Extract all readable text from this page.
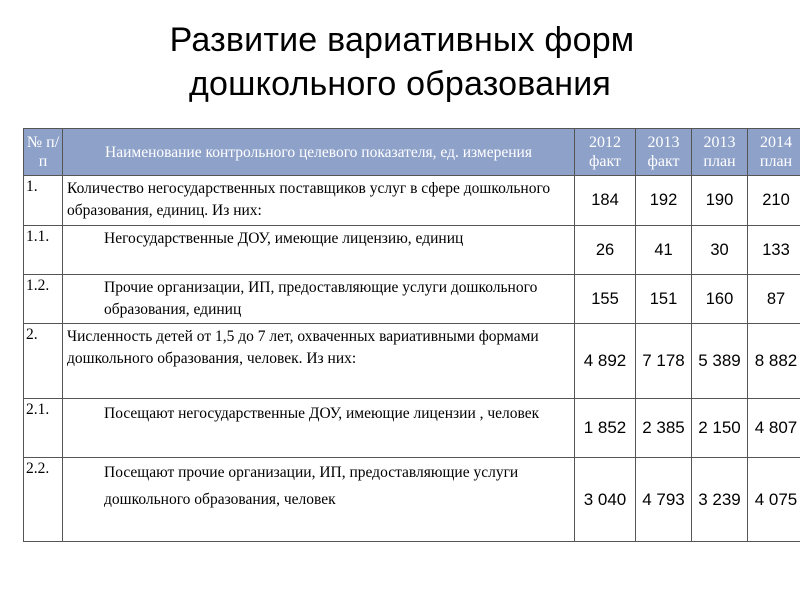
Развитие вариативных форм
дошкольного образования
№ п/п	Наименование контрольного целевого показателя, ед. измерения	2012 факт	2013 факт	2013 план	2014 план
1.	Количество негосударственных поставщиков услуг в сфере дошкольного образования, единиц. Из них:	184	192	190	210
1.1.	Негосударственные ДОУ, имеющие лицензию, единиц	26	41	30	133
1.2.	Прочие организации, ИП, предоставляющие услуги дошкольного образования, единиц	155	151	160	87
2.	Численность детей от 1,5 до 7 лет, охваченных вариативными формами дошкольного образования, человек. Из них:	4 892	7 178	5 389	8 882
2.1.	Посещают негосударственные ДОУ, имеющие лицензии , человек	1 852	2 385	2 150	4 807
2.2.	Посещают прочие организации, ИП, предоставляющие услуги дошкольного образования, человек	3 040	4 793	3 239	4 075
